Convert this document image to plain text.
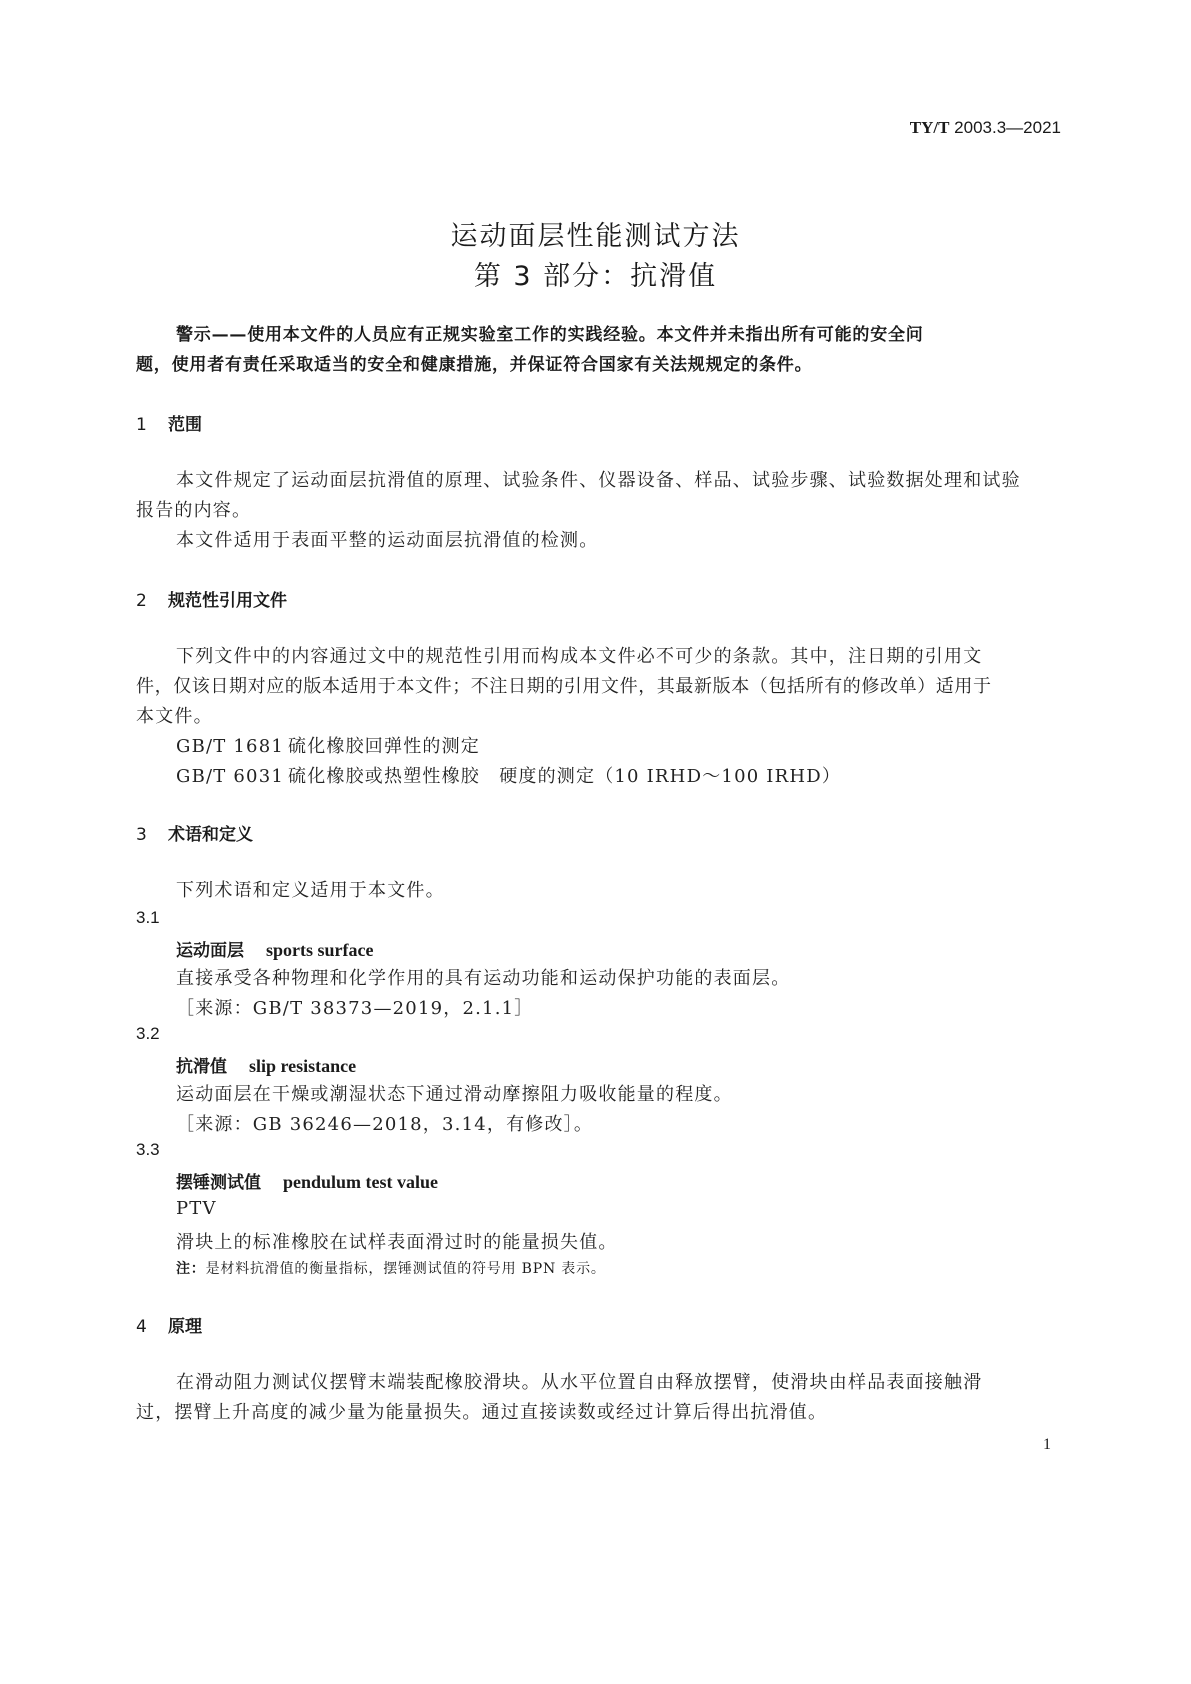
TY/T 2003.3—2021
运动面层性能测试方法
第 3 部分：抗滑值
警示——使用本文件的人员应有正规实验室工作的实践经验。本文件并未指出所有可能的安全问
题，使用者有责任采取适当的安全和健康措施，并保证符合国家有关法规规定的条件。
1 范围
本文件规定了运动面层抗滑值的原理、试验条件、仪器设备、样品、试验步骤、试验数据处理和试验
报告的内容。
本文件适用于表面平整的运动面层抗滑值的检测。
2 规范性引用文件
下列文件中的内容通过文中的规范性引用而构成本文件必不可少的条款。其中，注日期的引用文
件，仅该日期对应的版本适用于本文件；不注日期的引用文件，其最新版本（包括所有的修改单）适用于
本文件。
GB/T 1681 硫化橡胶回弹性的测定
GB/T 6031 硫化橡胶或热塑性橡胶　硬度的测定（10 IRHD～100 IRHD）
3 术语和定义
下列术语和定义适用于本文件。
3.1
运动面层 sports surface
直接承受各种物理和化学作用的具有运动功能和运动保护功能的表面层。
［来源：GB/T 38373—2019，2.1.1］
3.2
抗滑值 slip resistance
运动面层在干燥或潮湿状态下通过滑动摩擦阻力吸收能量的程度。
［来源：GB 36246—2018，3.14，有修改］。
3.3
摆锤测试值 pendulum test value
PTV
滑块上的标准橡胶在试样表面滑过时的能量损失值。
注：是材料抗滑值的衡量指标，摆锤测试值的符号用 BPN 表示。
4 原理
在滑动阻力测试仪摆臂末端装配橡胶滑块。从水平位置自由释放摆臂，使滑块由样品表面接触滑
过，摆臂上升高度的减少量为能量损失。通过直接读数或经过计算后得出抗滑值。
1
